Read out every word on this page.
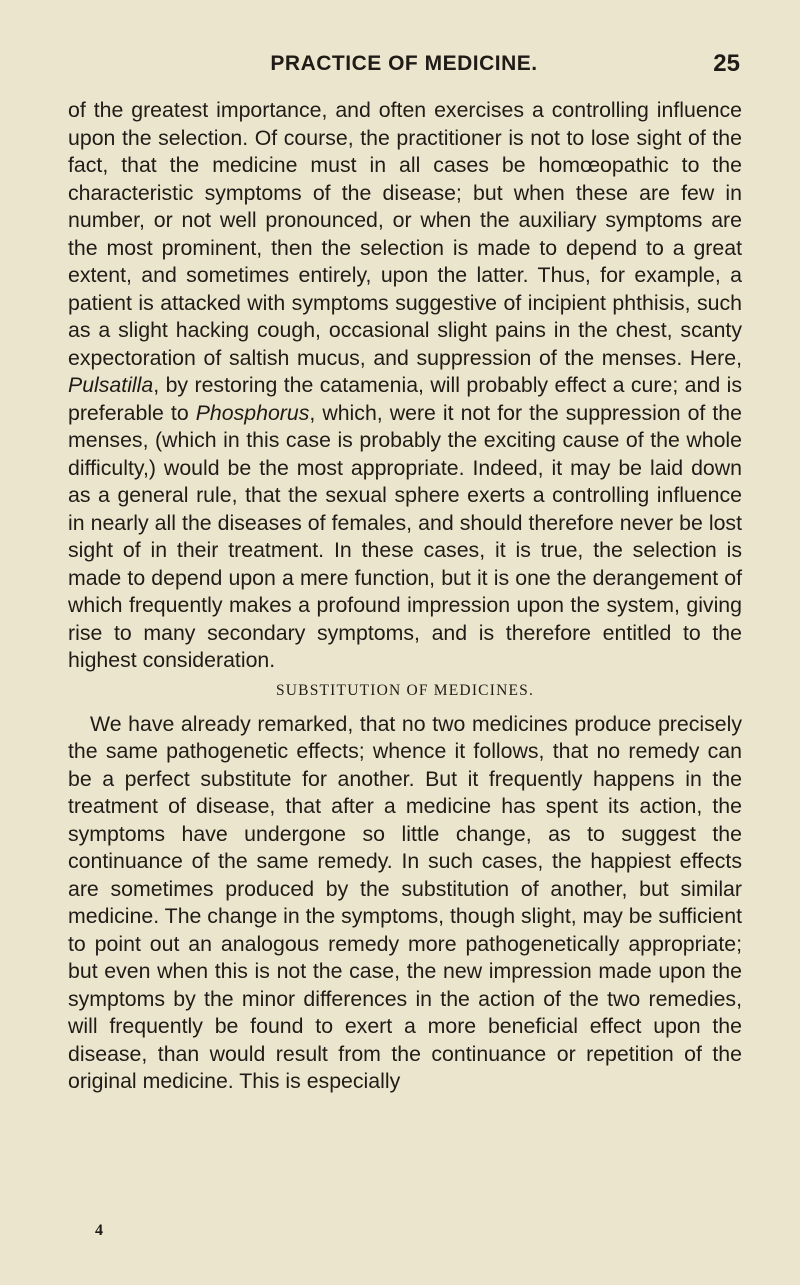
PRACTICE OF MEDICINE.	25

of the greatest importance, and often exercises a controlling influence upon the selection. Of course, the practitioner is not to lose sight of the fact, that the medicine must in all cases be homœopathic to the characteristic symptoms of the disease; but when these are few in number, or not well pronounced, or when the auxiliary symptoms are the most prominent, then the selection is made to depend to a great extent, and sometimes entirely, upon the latter. Thus, for example, a patient is attacked with symptoms suggestive of incipient phthisis, such as a slight hacking cough, occasional slight pains in the chest, scanty expectoration of saltish mucus, and suppression of the menses. Here, Pulsatilla, by restoring the catamenia, will probably effect a cure; and is preferable to Phosphorus, which, were it not for the suppression of the menses, (which in this case is probably the exciting cause of the whole difficulty,) would be the most appropriate. Indeed, it may be laid down as a general rule, that the sexual sphere exerts a controlling influence in nearly all the diseases of females, and should therefore never be lost sight of in their treatment. In these cases, it is true, the selection is made to depend upon a mere function, but it is one the derangement of which frequently makes a profound impression upon the system, giving rise to many secondary symptoms, and is therefore entitled to the highest consideration.

SUBSTITUTION OF MEDICINES.

We have already remarked, that no two medicines produce precisely the same pathogenetic effects; whence it follows, that no remedy can be a perfect substitute for another. But it frequently happens in the treatment of disease, that after a medicine has spent its action, the symptoms have undergone so little change, as to suggest the continuance of the same remedy. In such cases, the happiest effects are sometimes produced by the substitution of another, but similar medicine. The change in the symptoms, though slight, may be sufficient to point out an analogous remedy more pathogenetically appropriate; but even when this is not the case, the new impression made upon the symptoms by the minor differences in the action of the two remedies, will frequently be found to exert a more beneficial effect upon the disease, than would result from the continuance or repetition of the original medicine. This is especially

4
